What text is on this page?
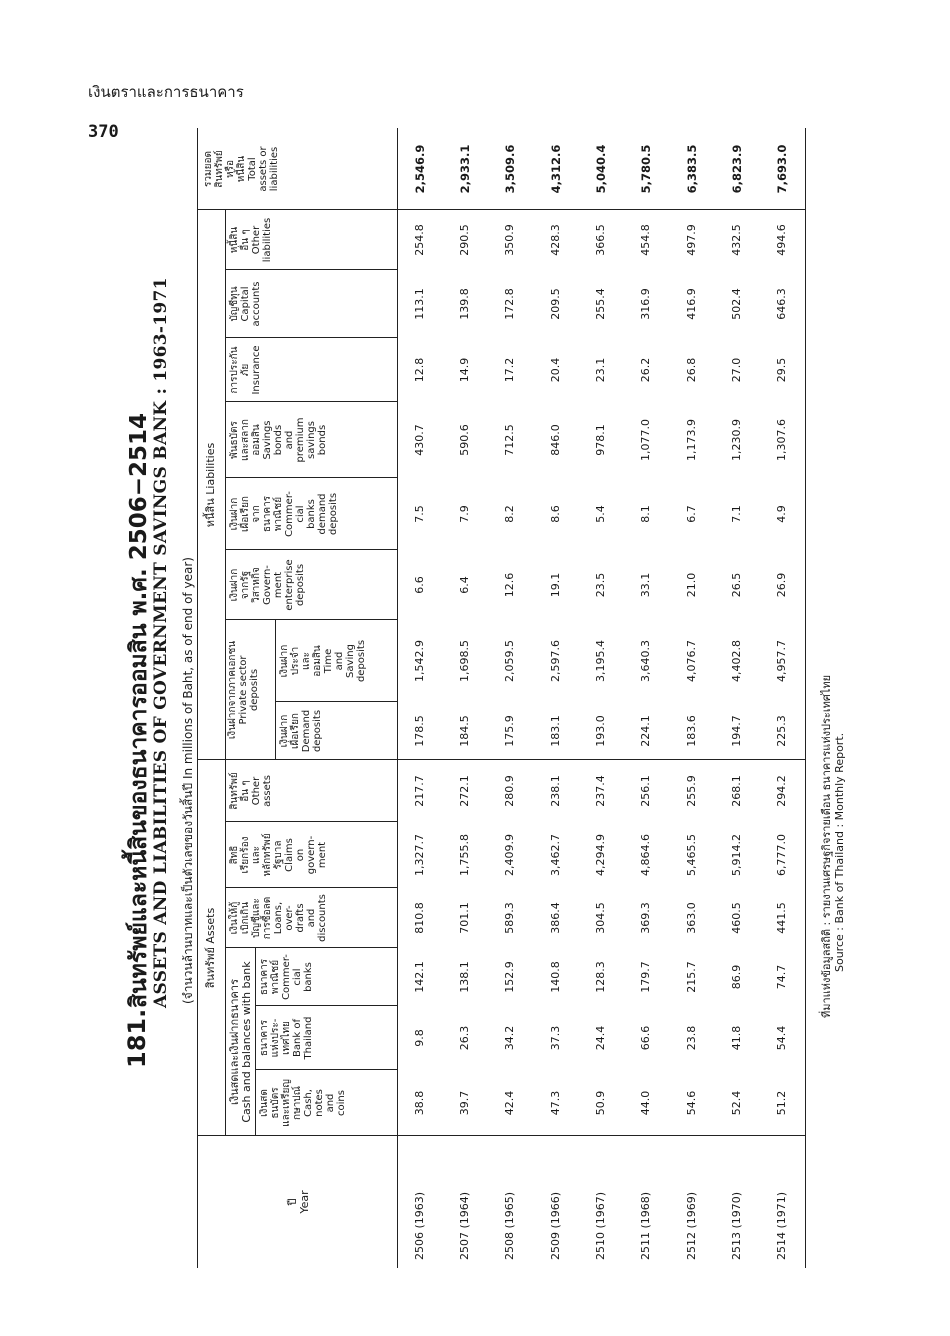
เงินตราและการธนาคาร
370
181.
สินทรัพย์และหนี้สินของธนาคารออมสิน พ.ศ. 2506−2514 ASSETS AND LIABILITIES OF GOVERNMENT SAVINGS BANK : 1963-1971 (จำนวนล้านบาทและเป็นตัวเลขของวันสิ้นปี In millions of Baht, as of end of year)
ปี
Year
สินทรัพย์ Assets
หนี้สิน Liabilities
เงินสดและเงินฝากธนาคาร
Cash and balances with bank
เงินฝากจากภาคเอกชน
Private sector
deposits
เงินสด
ธนบัตร
และเหรียญ
กษาปณ์
Cash,
notes
and
coins
ธนาคาร
แห่งประ-
เทศไทย
Bank of
Thailand
ธนาคาร
พาณิชย์
Commer-
cial
banks
เงินให้กู้
เบิกเกิน
บัญชีและ
การซื้อลด
Loans,
over-
drafts
and
discounts
สิทธิ
เรียกร้อง
และ
หลักทรัพย์
รัฐบาล
Claims
on
govern-
ment
สินทรัพย์
อื่น ๆ
Other
assets
เงินฝาก
เผื่อเรียก
Demand
deposits
เงินฝาก
ประจำ
และ
ออมสิน
Time
and
Saving
deposits
เงินฝาก
จากรัฐ
วิสาหกิจ
Govern-
ment
enterprise
deposits
เงินฝาก
เผื่อเรียก
จาก
ธนาคาร
พาณิชย์
Commer-
cial
banks
demand
deposits
พันธบัตร
และสลาก
ออมสิน
Savings
bonds
and
premium
savings
bonds
การประกัน
ภัย
Insurance
บัญชีทุน
Capital
accounts
หนี้สิน
อื่น ๆ
Other
liabilities
รวมยอด
สินทรัพย์
หรือ
หนี้สิน
Total
assets or
liabilities
2506 (1963)
38.8
9.8
142.1
810.8
1,327.7
217.7
178.5
1,542.9
6.6
7.5
430.7
12.8
113.1
254.8
2,546.9
2507 (1964)
39.7
26.3
138.1
701.1
1,755.8
272.1
184.5
1,698.5
6.4
7.9
590.6
14.9
139.8
290.5
2,933.1
2508 (1965)
42.4
34.2
152.9
589.3
2,409.9
280.9
175.9
2,059.5
12.6
8.2
712.5
17.2
172.8
350.9
3,509.6
2509 (1966)
47.3
37.3
140.8
386.4
3,462.7
238.1
183.1
2,597.6
19.1
8.6
846.0
20.4
209.5
428.3
4,312.6
2510 (1967)
50.9
24.4
128.3
304.5
4,294.9
237.4
193.0
3,195.4
23.5
5.4
978.1
23.1
255.4
366.5
5,040.4
2511 (1968)
44.0
66.6
179.7
369.3
4,864.6
256.1
224.1
3,640.3
33.1
8.1
1,077.0
26.2
316.9
454.8
5,780.5
2512 (1969)
54.6
23.8
215.7
363.0
5,465.5
255.9
183.6
4,076.7
21.0
6.7
1,173.9
26.8
416.9
497.9
6,383.5
2513 (1970)
52.4
41.8
86.9
460.5
5,914.2
268.1
194.7
4,402.8
26.5
7.1
1,230.9
27.0
502.4
432.5
6,823.9
2514 (1971)
51.2
54.4
74.7
441.5
6,777.0
294.2
225.3
4,957.7
26.9
4.9
1,307.6
29.5
646.3
494.6
7,693.0
ที่มาแห่งข้อมูลสถิติ : รายงานเศรษฐกิจรายเดือน ธนาคารแห่งประเทศไทย Source : Bank of Thailand : Monthly Report.
